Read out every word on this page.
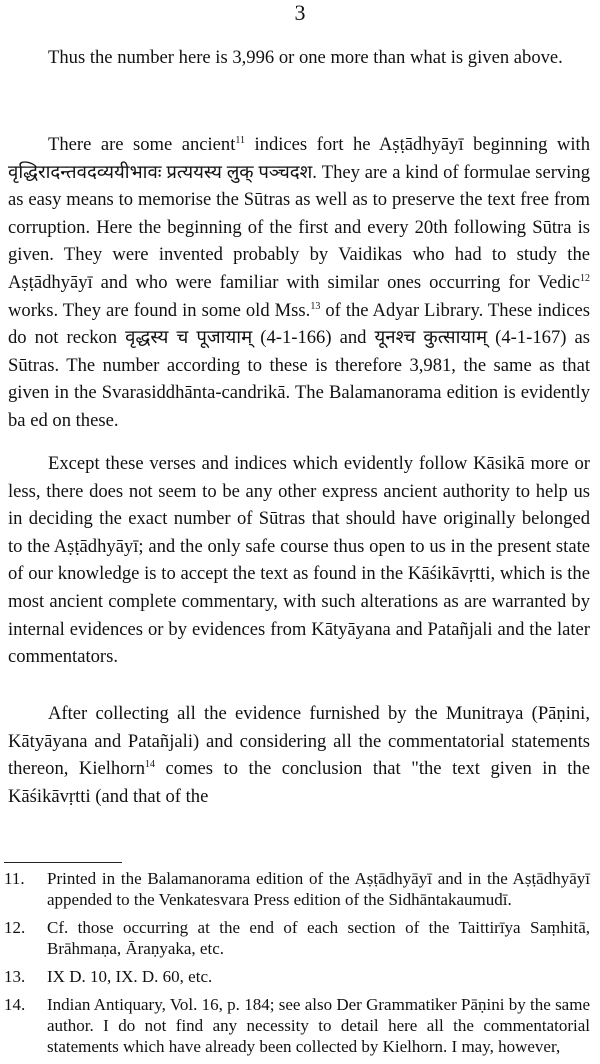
3

Thus the number here is 3,996 or one more than what is given above.

There are some ancient$^{11}$ indices fort he Aṣṭādhyāyī beginning with वृद्धिरादन्तवदव्ययीभावः प्रत्ययस्य लुक् पञ्चदश. They are a kind of formulae serving as easy means to memorise the Sūtras as well as to preserve the text free from corruption. Here the beginning of the first and every 20th following Sūtra is given. They were invented probably by Vaidikas who had to study the Aṣṭādhyāyī and who were familiar with similar ones occurring for Vedic$^{12}$ works. They are found in some old Mss.$^{13}$ of the Adyar Library. These indices do not reckon वृद्धस्य च पूजायाम् (4-1-166) and यूनश्च कुत्सायाम् (4-1-167) as Sūtras. The number according to these is therefore 3,981, the same as that given in the Svarasiddhānta-candrikā. The Balamanorama edition is evidently ba ed on these.

Except these verses and indices which evidently follow Kāsikā more or less, there does not seem to be any other express ancient authority to help us in deciding the exact number of Sūtras that should have originally belonged to the Aṣṭādhyāyī; and the only safe course thus open to us in the present state of our knowledge is to accept the text as found in the Kāśikāvṛtti, which is the most ancient complete commentary, with such alterations as are warranted by internal evidences or by evidences from Kātyāyana and Patañjali and the later commentators.

After collecting all the evidence furnished by the Munitraya (Pāṇini, Kātyāyana and Patañjali) and considering all the commentatorial statements thereon, Kielhorn$^{14}$ comes to the conclusion that "the text given in the Kāśikāvṛtti (and that of the

11. Printed in the Balamanorama edition of the Aṣṭādhyāyī and in the Aṣṭādhyāyī appended to the Venkatesvara Press edition of the Sidhāntakaumudī.
12. Cf. those occurring at the end of each section of the Taittirīya Saṃhitā, Brāhmaṇa, Āraṇyaka, etc.
13. IX D. 10, IX. D. 60, etc.
14. Indian Antiquary, Vol. 16, p. 184; see also Der Grammatiker Pāṇini by the same author. I do not find any necessity to detail here all the commentatorial statements which have already been collected by Kielhorn. I may, however,
